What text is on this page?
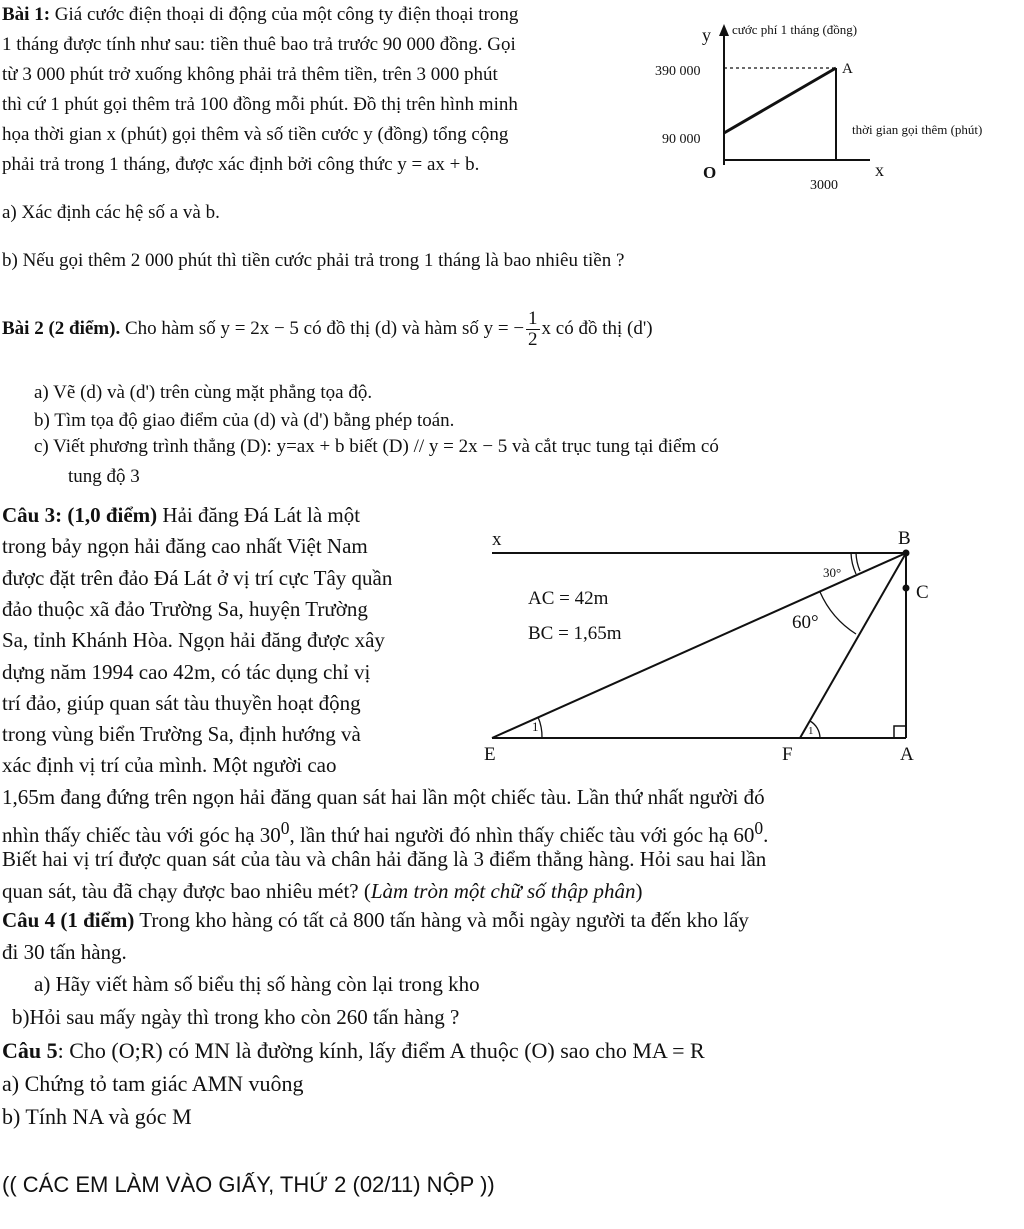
Bài 1: Giá cước điện thoại di động của một công ty điện thoại trong
1 tháng được tính như sau: tiền thuê bao trả trước 90 000 đồng. Gọi
từ 3 000 phút trở xuống không phải trả thêm tiền, trên 3 000 phút
thì cứ 1 phút gọi thêm trả 100 đồng mỗi phút. Đồ thị trên hình minh
họa thời gian x (phút) gọi thêm và số tiền cước y (đồng) tổng cộng
phải trả trong 1 tháng, được xác định bởi công thức y = ax + b.
y cước phí 1 tháng (đồng)
390 000
90 000
A
thời gian gọi thêm (phút)
O	x
3000
a) Xác định các hệ số a và b.
b) Nếu gọi thêm 2 000 phút thì tiền cước phải trả trong 1 tháng là bao nhiêu tiền ?
Bài 2 (2 điểm). Cho hàm số y = 2x − 5 có đồ thị (d) và hàm số y = − $\frac{1}{2}$ x có đồ thị (d')
a) Vẽ (d) và (d') trên cùng mặt phẳng tọa độ.
b) Tìm tọa độ giao điểm của (d) và (d') bằng phép toán.
c) Viết phương trình thẳng (D): y=ax + b biết (D) // y = 2x − 5 và cắt trục tung tại điểm có
tung độ 3
Câu 3: (1,0 điểm) Hải đăng Đá Lát là một
trong bảy ngọn hải đăng cao nhất Việt Nam
được đặt trên đảo Đá Lát ở vị trí cực Tây quần
đảo thuộc xã đảo Trường Sa, huyện Trường
Sa, tỉnh Khánh Hòa. Ngọn hải đăng được xây
dựng năm 1994 cao 42m, có tác dụng chỉ vị
trí đảo, giúp quan sát tàu thuyền hoạt động
trong vùng biển Trường Sa, định hướng và
xác định vị trí của mình. Một người cao
1,65m đang đứng trên ngọn hải đăng quan sát hai lần một chiếc tàu. Lần thứ nhất người đó
nhìn thấy chiếc tàu với góc hạ $30^0$, lần thứ hai người đó nhìn thấy chiếc tàu với góc hạ $60^0$.
Biết hai vị trí được quan sát của tàu và chân hải đăng là 3 điểm thẳng hàng. Hỏi sau hai lần
quan sát, tàu đã chạy được bao nhiêu mét? (Làm tròn một chữ số thập phân)
x	B
C
E	F	A
AC = 42m
BC = 1,65m
30°
60°
1	1
Câu 4 (1 điểm) Trong kho hàng có tất cả 800 tấn hàng và mỗi ngày người ta đến kho lấy
đi 30 tấn hàng.
a) Hãy viết hàm số biểu thị số hàng còn lại trong kho
b)Hỏi sau mấy ngày thì trong kho còn 260 tấn hàng ?
Câu 5: Cho (O;R) có MN là đường kính, lấy điểm A thuộc (O) sao cho MA = R
a) Chứng tỏ tam giác AMN vuông
b) Tính NA và góc M
(( CÁC EM LÀM VÀO GIẤY, THỨ 2 (02/11) NỘP ))
